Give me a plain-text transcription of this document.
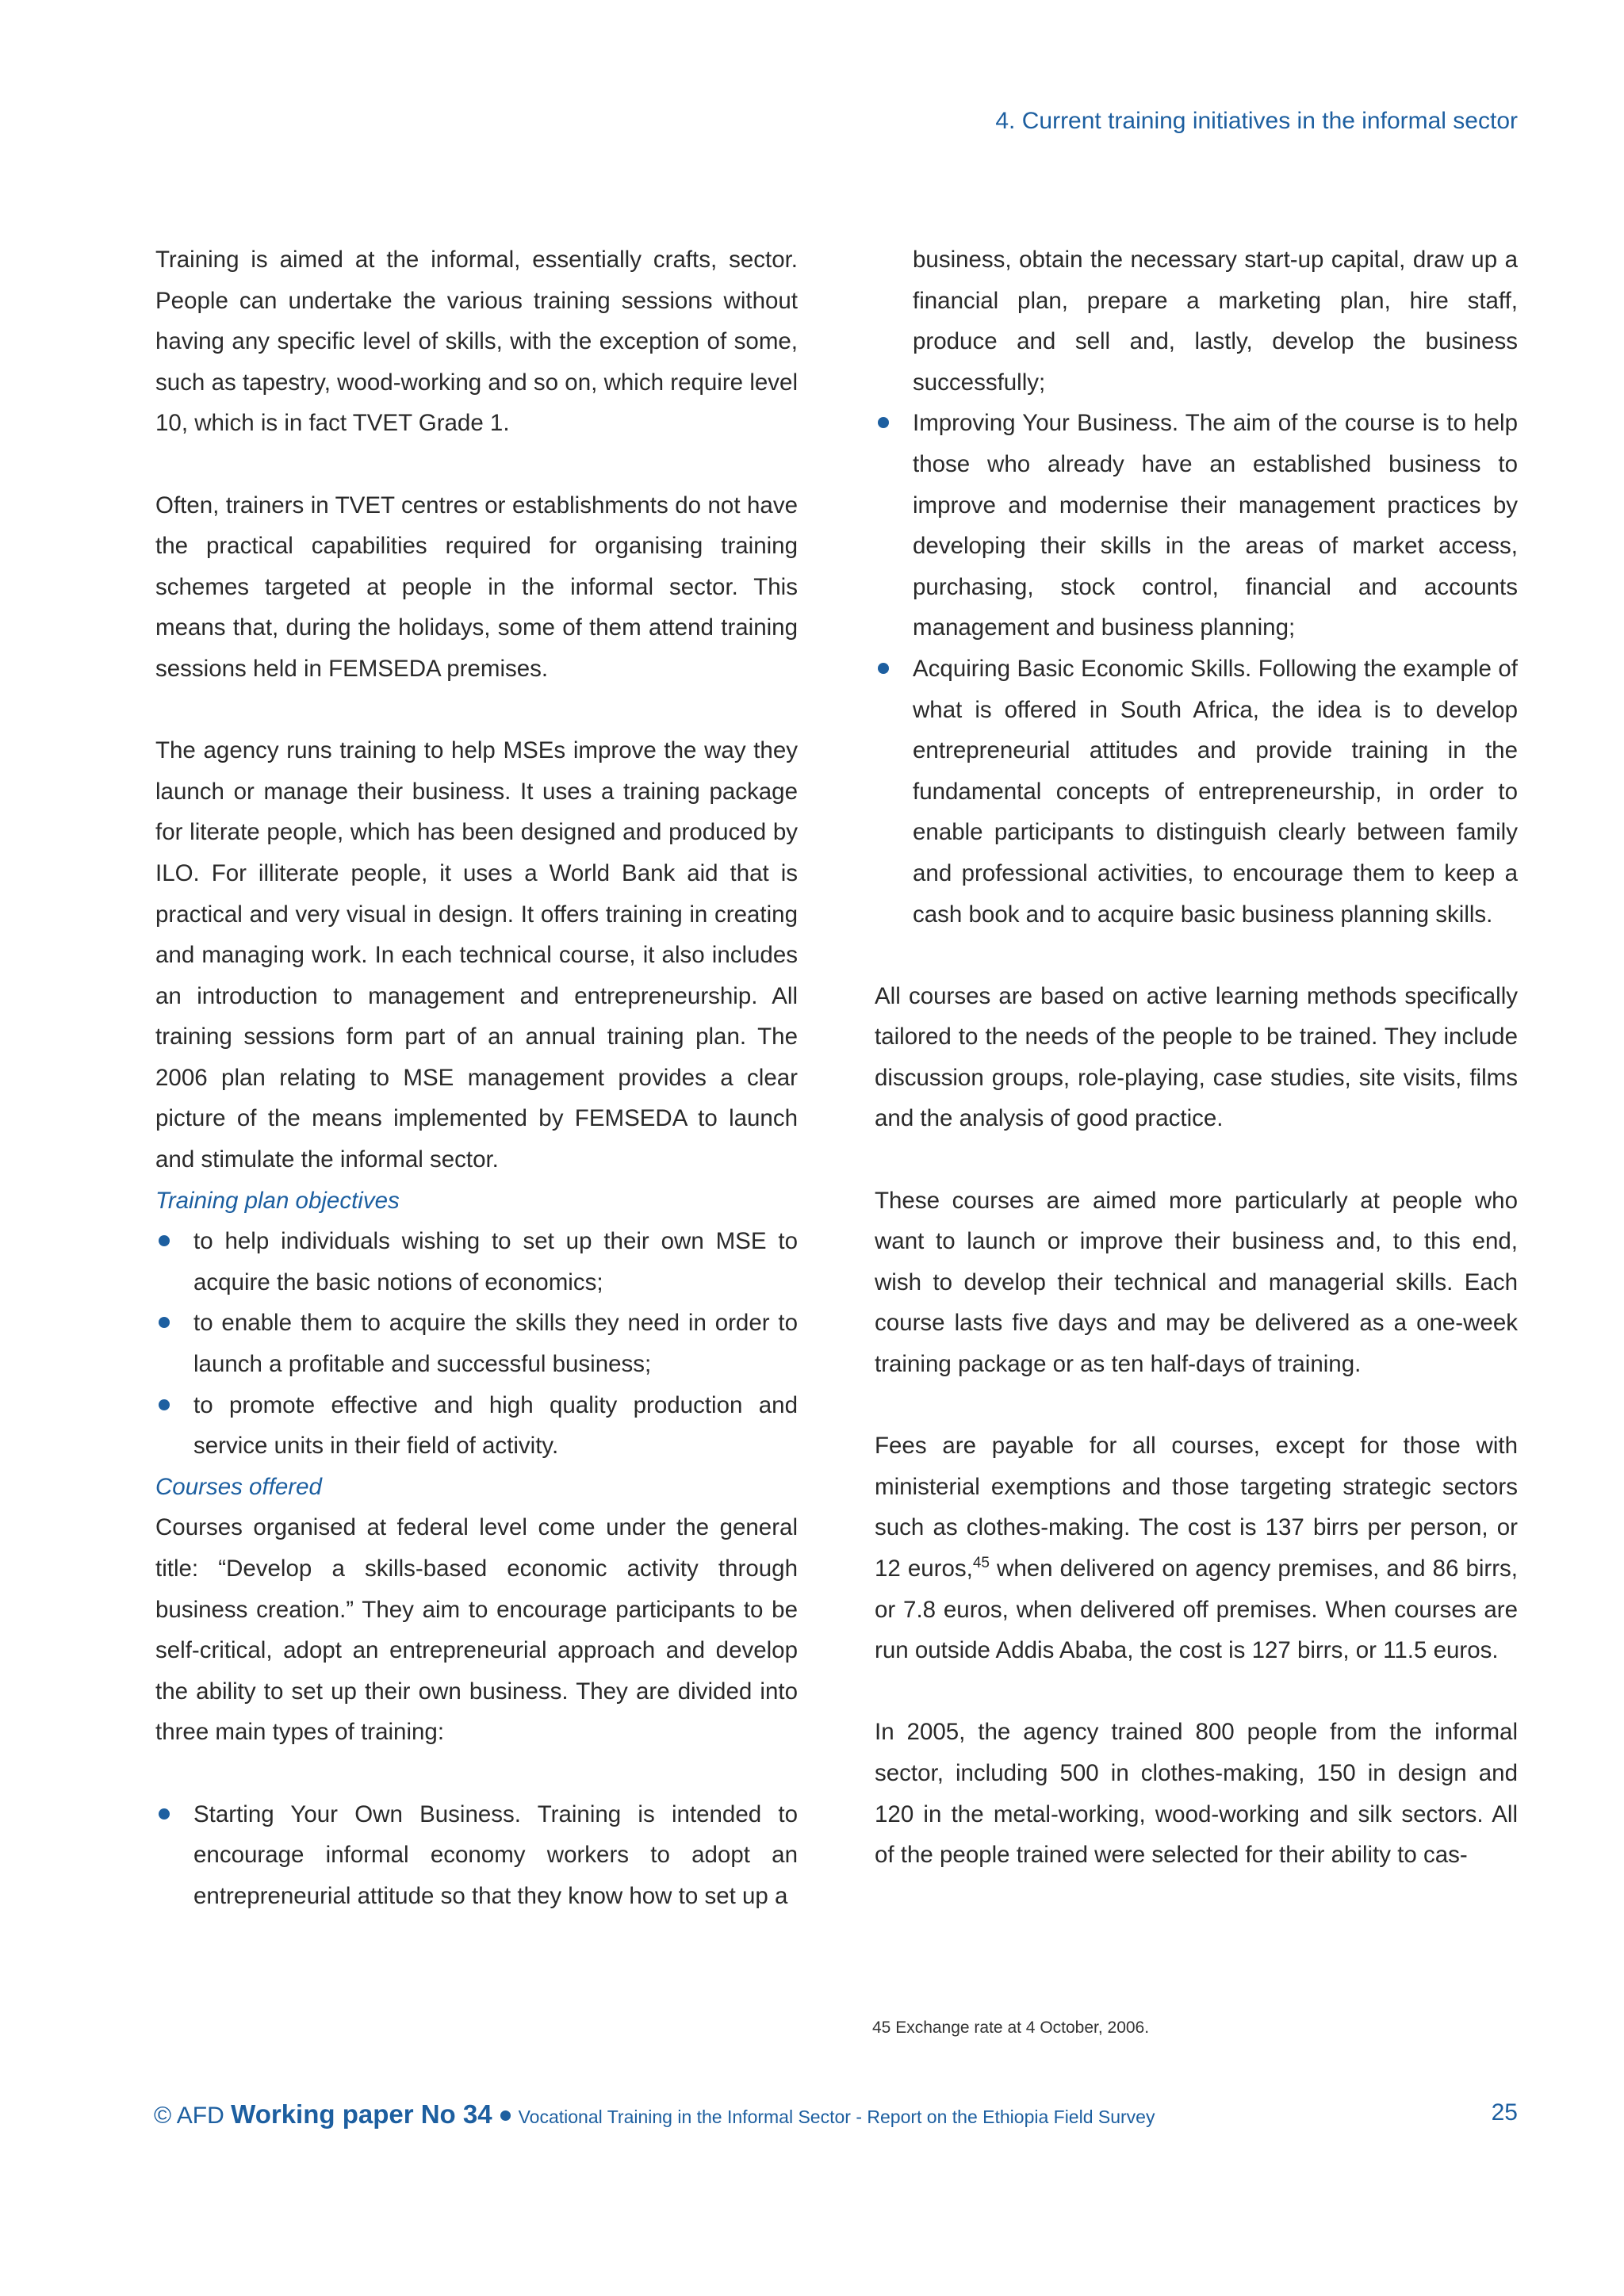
4. Current training initiatives in the informal sector

Training is aimed at the informal, essentially crafts, sector. People can undertake the various training sessions without having any specific level of skills, with the exception of some, such as tapestry, wood-working and so on, which require level 10, which is in fact TVET Grade 1.

Often, trainers in TVET centres or establishments do not have the practical capabilities required for organising training schemes targeted at people in the informal sector. This means that, during the holidays, some of them attend training sessions held in FEMSEDA premises.

The agency runs training to help MSEs improve the way they launch or manage their business. It uses a training package for literate people, which has been designed and produced by ILO. For illiterate people, it uses a World Bank aid that is practical and very visual in design. It offers training in creating and managing work. In each technical course, it also includes an introduction to management and entrepreneurship. All training sessions form part of an annual training plan. The 2006 plan relating to MSE management provides a clear picture of the means implemented by FEMSEDA to launch and stimulate the informal sector.

Training plan objectives

to help individuals wishing to set up their own MSE to acquire the basic notions of economics;
to enable them to acquire the skills they need in order to launch a profitable and successful business;
to promote effective and high quality production and service units in their field of activity.

Courses offered

Courses organised at federal level come under the general title: “Develop a skills-based economic activity through business creation.” They aim to encourage participants to be self-critical, adopt an entrepreneurial approach and develop the ability to set up their own business. They are divided into three main types of training:

Starting Your Own Business. Training is intended to encourage informal economy workers to adopt an entrepreneurial attitude so that they know how to set up a

business, obtain the necessary start-up capital, draw up a financial plan, prepare a marketing plan, hire staff, produce and sell and, lastly, develop the business successfully;

Improving Your Business. The aim of the course is to help those who already have an established business to improve and modernise their management practices by developing their skills in the areas of market access, purchasing, stock control, financial and accounts management and business planning;
Acquiring Basic Economic Skills. Following the example of what is offered in South Africa, the idea is to develop entrepreneurial attitudes and provide training in the fundamental concepts of entrepreneurship, in order to enable participants to distinguish clearly between family and professional activities, to encourage them to keep a cash book and to acquire basic business planning skills.

All courses are based on active learning methods specifically tailored to the needs of the people to be trained. They include discussion groups, role-playing, case studies, site visits, films and the analysis of good practice.

These courses are aimed more particularly at people who want to launch or improve their business and, to this end, wish to develop their technical and managerial skills. Each course lasts five days and may be delivered as a one-week training package or as ten half-days of training.

Fees are payable for all courses, except for those with ministerial exemptions and those targeting strategic sectors such as clothes-making. The cost is 137 birrs per person, or 12 euros,$^{45}$ when delivered on agency premises, and 86 birrs, or 7.8 euros, when delivered off premises. When courses are run outside Addis Ababa, the cost is 127 birrs, or 11.5 euros.

In 2005, the agency trained 800 people from the informal sector, including 500 in clothes-making, 150 in design and 120 in the metal-working, wood-working and silk sectors. All of the people trained were selected for their ability to cas-

45 Exchange rate at 4 October, 2006.
© AFD Working paper No 34 Vocational Training in the Informal Sector - Report on the Ethiopia Field Survey	25
